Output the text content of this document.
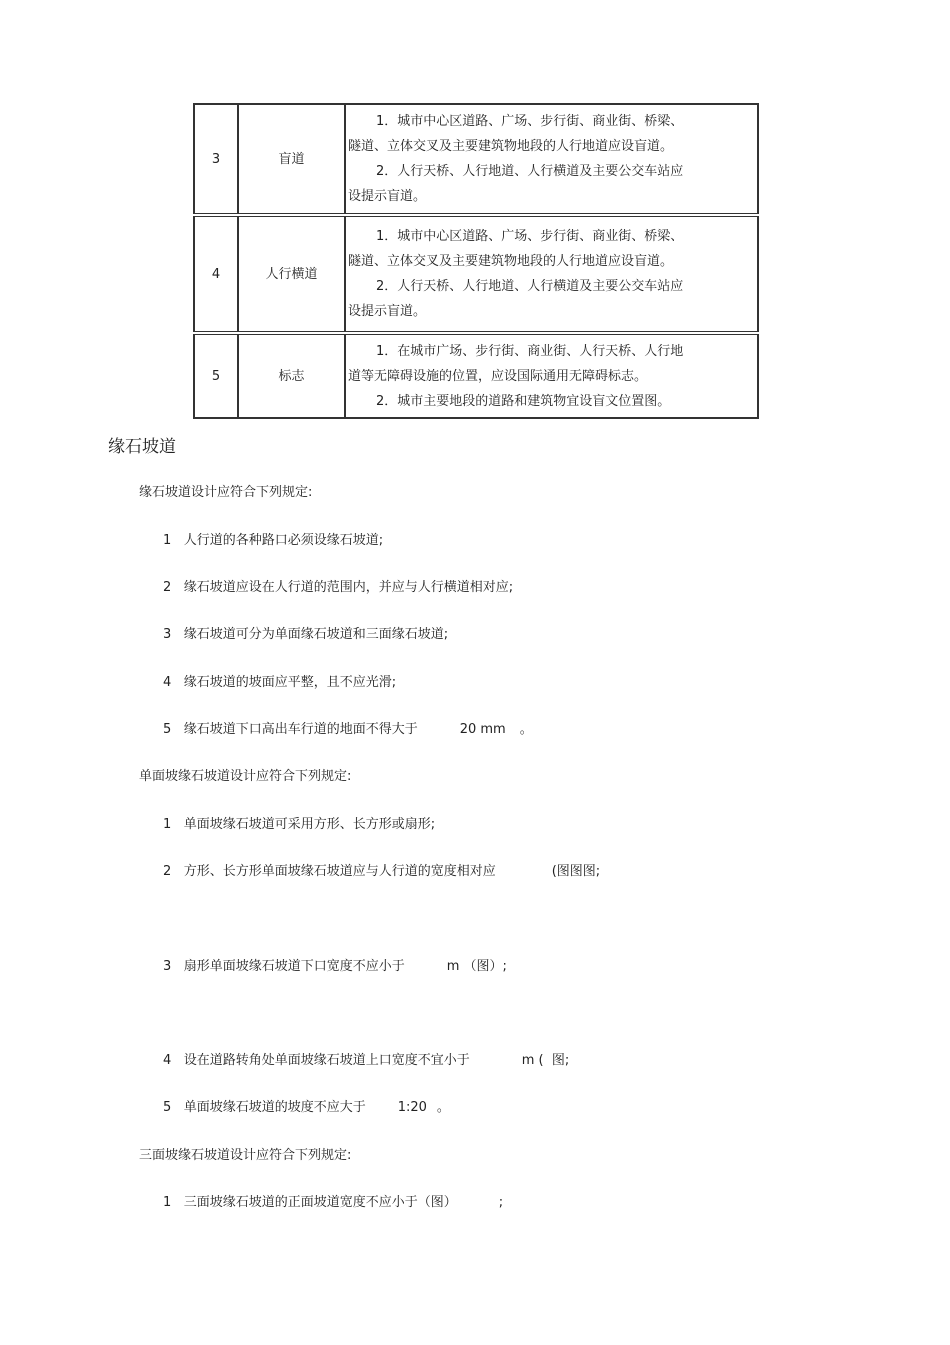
3	盲道	1．城市中心区道路、广场、步行街、商业街、桥梁、

隧道、立体交叉及主要建筑物地段的人行地道应设盲道。

2．人行天桥、人行地道、人行横道及主要公交车站应

设提示盲道。

4	人行横道	1．城市中心区道路、广场、步行街、商业街、桥梁、

隧道、立体交叉及主要建筑物地段的人行地道应设盲道。

2．人行天桥、人行地道、人行横道及主要公交车站应

设提示盲道。

5	标志	1．在城市广场、步行街、商业街、人行天桥、人行地

道等无障碍设施的位置，应设国际通用无障碍标志。

2．城市主要地段的道路和建筑物宜设盲文位置图。

缘石坡道
缘石坡道设计应符合下列规定:
1 人行道的各种路口必须设缘石坡道;
2 缘石坡道应设在人行道的范围内，并应与人行横道相对应;
3 缘石坡道可分为单面缘石坡道和三面缘石坡道;
4 缘石坡道的坡面应平整，且不应光滑;
5 缘石坡道下口高出车行道的地面不得大于	20 mm 。
单面坡缘石坡道设计应符合下列规定:
1 单面坡缘石坡道可采用方形、长方形或扇形;
2 方形、长方形单面坡缘石坡道应与人行道的宽度相对应	(图图图;
3 扇形单面坡缘石坡道下口宽度不应小于	m （图）;
4 设在道路转角处单面坡缘石坡道上口宽度不宜小于	m (  图;
5 单面坡缘石坡道的坡度不应大于 1:20 。
三面坡缘石坡道设计应符合下列规定:
1 三面坡缘石坡道的正面坡道宽度不应小于（图）	;
